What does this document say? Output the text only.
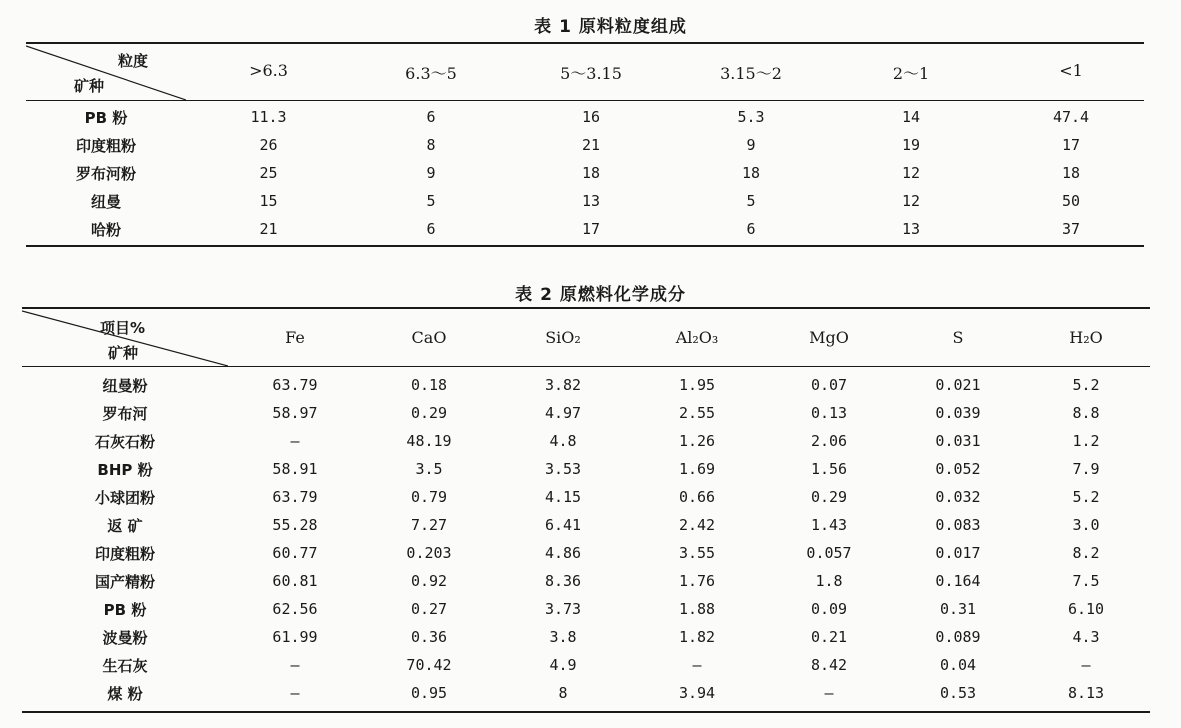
表 1 原料粒度组成
粒度
矿种
>6.3	6.3～5	5～3.15	3.15～2	2～1	<1
PB 粉	11.3	6	16	5.3	14	47.4
印度粗粉	26	8	21	9	19	17
罗布河粉	25	9	18	18	12	18
纽曼	15	5	13	5	12	50
哈粉	21	6	17	6	13	37
表 2 原燃料化学成分
项目%
矿种
Fe	CaO	SiO₂	Al₂O₃	MgO	S	H₂O
纽曼粉	63.79	0.18	3.82	1.95	0.07	0.021	5.2
罗布河	58.97	0.29	4.97	2.55	0.13	0.039	8.8
石灰石粉	—	48.19	4.8	1.26	2.06	0.031	1.2
BHP 粉	58.91	3.5	3.53	1.69	1.56	0.052	7.9
小球团粉	63.79	0.79	4.15	0.66	0.29	0.032	5.2
返 矿	55.28	7.27	6.41	2.42	1.43	0.083	3.0
印度粗粉	60.77	0.203	4.86	3.55	0.057	0.017	8.2
国产精粉	60.81	0.92	8.36	1.76	1.8	0.164	7.5
PB 粉	62.56	0.27	3.73	1.88	0.09	0.31	6.10
波曼粉	61.99	0.36	3.8	1.82	0.21	0.089	4.3
生石灰	—	70.42	4.9	—	8.42	0.04	—
煤 粉	—	0.95	8	3.94	—	0.53	8.13
